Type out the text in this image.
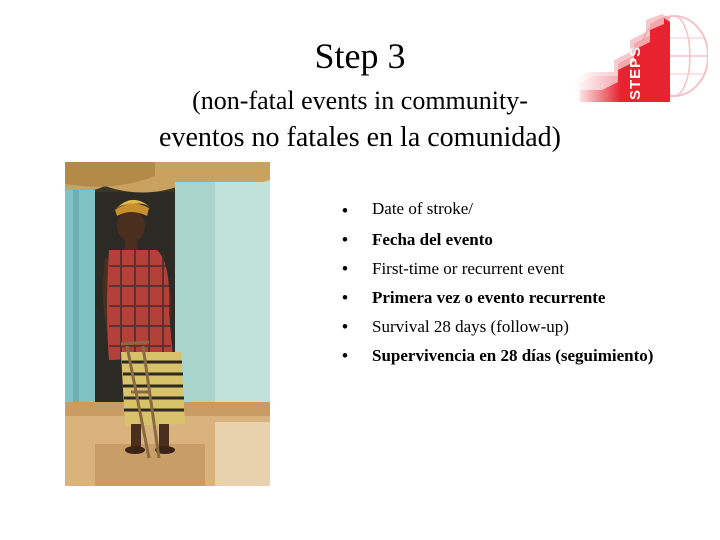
Step 3
(non-fatal events in community-
eventos no fatales en la comunidad)
STEPS
• Date of stroke/
• Fecha del evento
• First-time or recurrent event
• Primera vez o evento recurrente
• Survival 28 days (follow-up)
• Supervivencia en 28 días (seguimiento)
